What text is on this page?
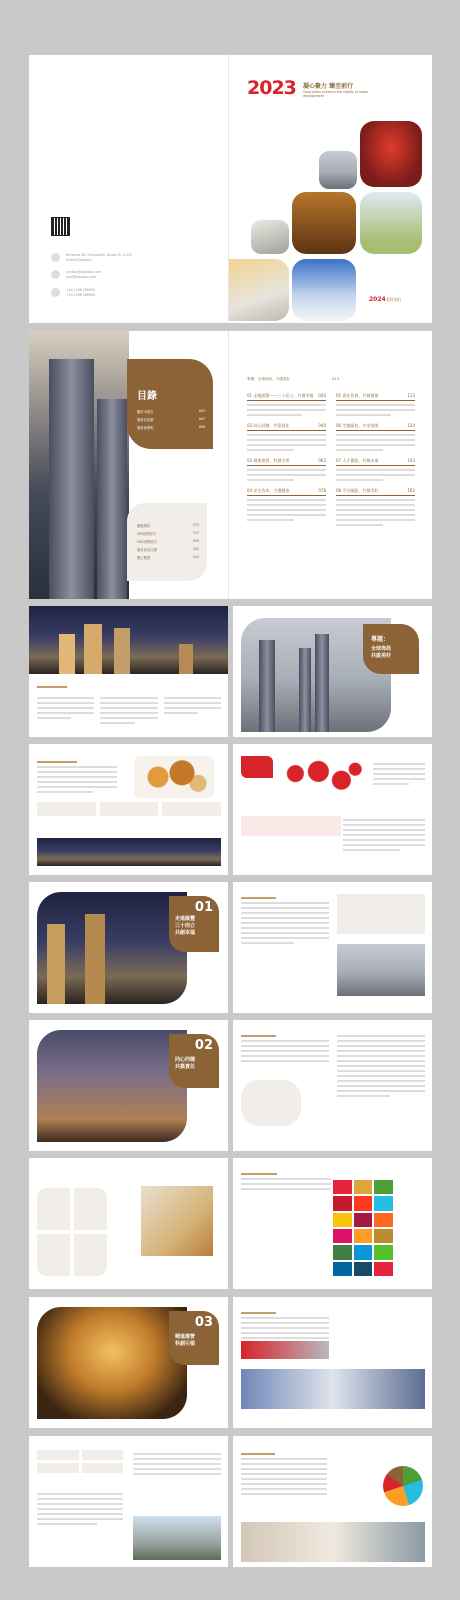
Britannia 6S, Farnsworth, Bissau B, A 2LR
United Kingdom
contact@igongsz.com
mail@igongsz.com
+44 1268 286092
+44 1268 286090
2023 凝心聚力 臻至前行
Good plans enhance the vitality of urban development
2024美好同行
目錄
關於本報告	003
董事長致辭	007
董事會聲明	009
關鍵績效	233
GRI指標索引	237
ESG指標索引	239
讀者意見反饋	242
獨立鑒證	244
專題：全球佈局，共啟美好	013
01 走進匯豐——三十而立，共創幸福 020	05 責任投資，共創價值	113
02 同心同德，共築責任	040	06 生態綠色，共享家園	124
03 精進運營，科創引領	063	07 人才蓄能，共創未來	143
04 安全為本，守護健康	078	08 平台賦能，共創美好	162
專題：
全球佈局
共啟美好
01
走進匯豐
三十而立
共創幸福
02
同心同德
共築責任
03
精進運營
科創引領
